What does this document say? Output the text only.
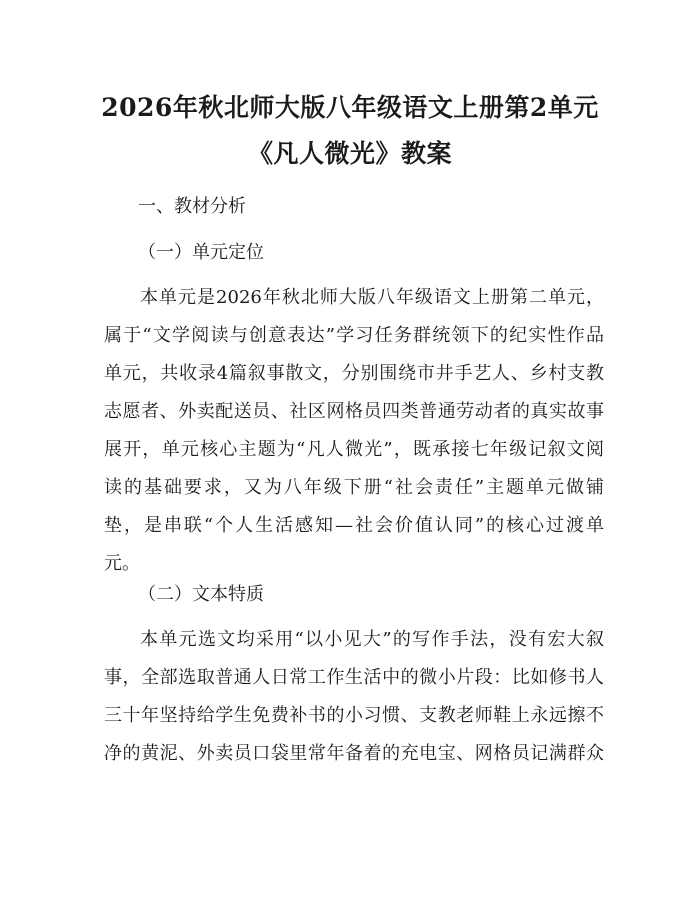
2026年秋北师大版八年级语文上册第2单元
《凡人微光》教案
一、教材分析
（一）单元定位
本单元是2026年秋北师大版八年级语文上册第二单元，
属于“文学阅读与创意表达”学习任务群统领下的纪实性作品
单元，共收录4篇叙事散文，分别围绕市井手艺人、乡村支教
志愿者、外卖配送员、社区网格员四类普通劳动者的真实故事
展开，单元核心主题为“凡人微光”，既承接七年级记叙文阅
读的基础要求，又为八年级下册“社会责任”主题单元做铺
垫，是串联“个人生活感知—社会价值认同”的核心过渡单
元。
（二）文本特质
本单元选文均采用“以小见大”的写作手法，没有宏大叙
事，全部选取普通人日常工作生活中的微小片段：比如修书人
三十年坚持给学生免费补书的小习惯、支教老师鞋上永远擦不
净的黄泥、外卖员口袋里常年备着的充电宝、网格员记满群众
